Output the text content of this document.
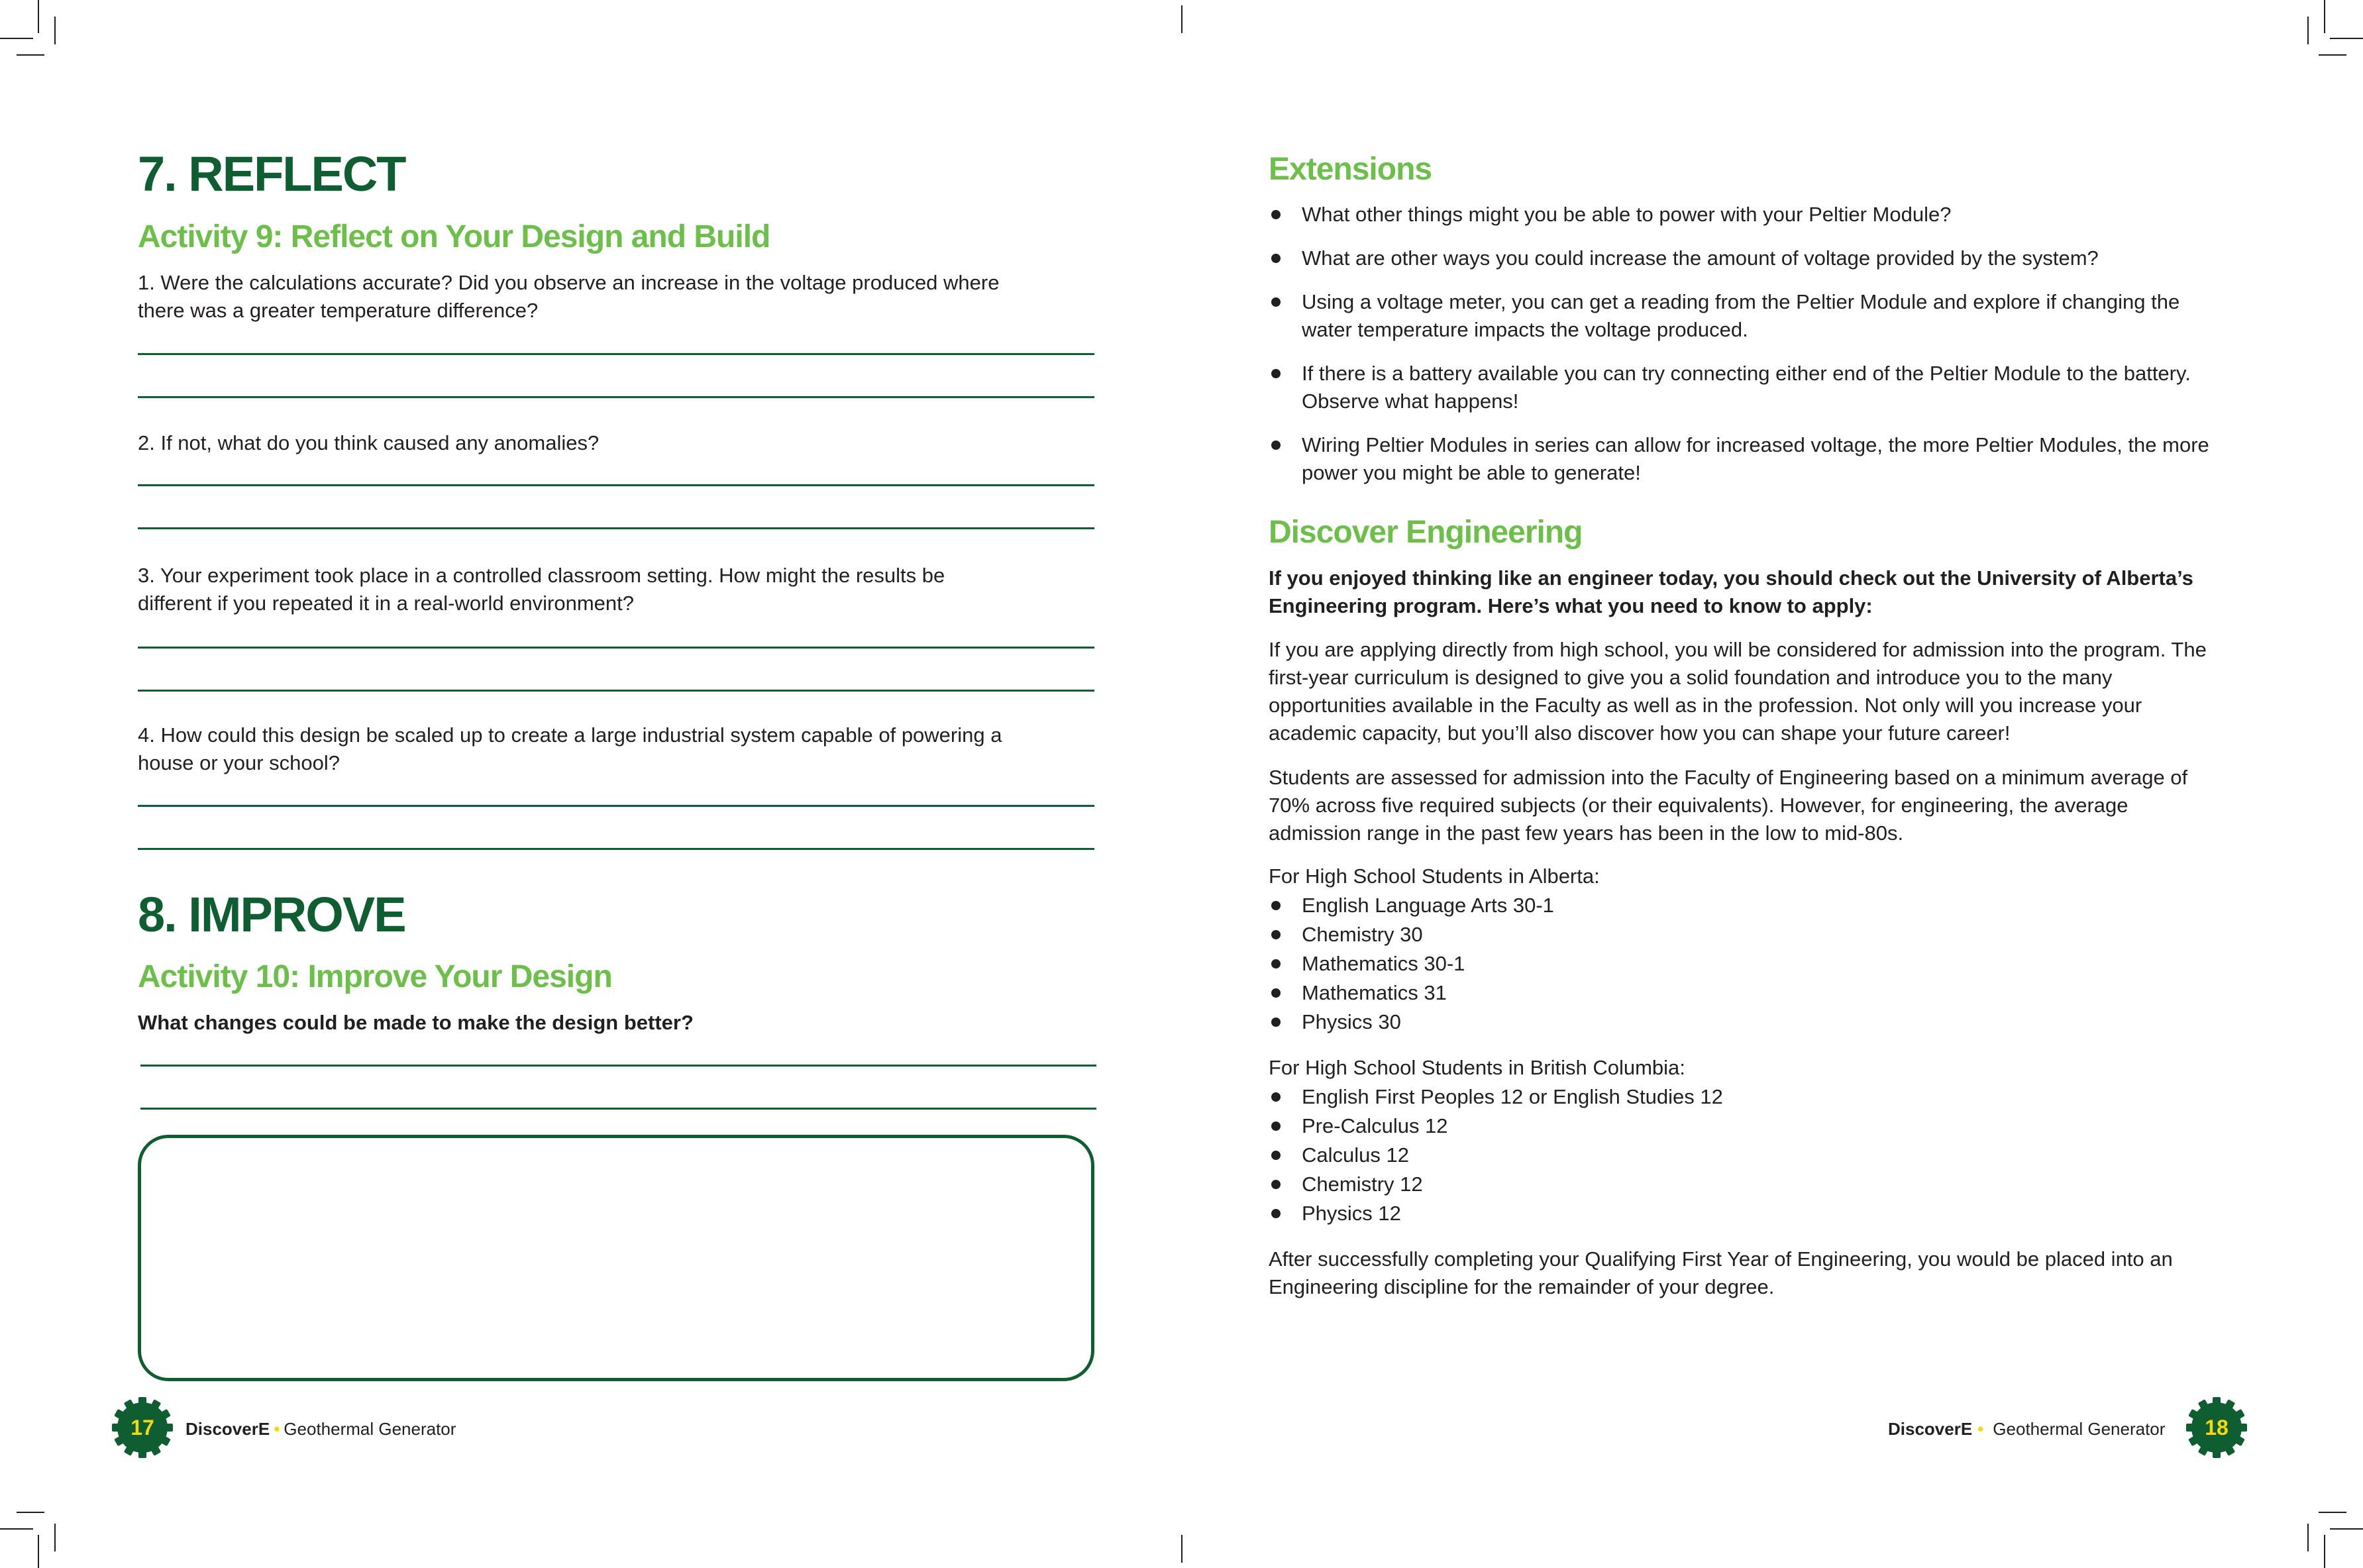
7. REFLECT
Activity 9: Reflect on Your Design and Build
1. Were the calculations accurate? Did you observe an increase in the voltage produced where
there was a greater temperature difference?
2. If not, what do you think caused any anomalies?
3. Your experiment took place in a controlled classroom setting. How might the results be
different if you repeated it in a real-world environment?
4. How could this design be scaled up to create a large industrial system capable of powering a
house or your school?
8. IMPROVE
Activity 10: Improve Your Design
What changes could be made to make the design better?
17	DiscoverE • Geothermal Generator
Extensions
What other things might you be able to power with your Peltier Module?
What are other ways you could increase the amount of voltage provided by the system?
Using a voltage meter, you can get a reading from the Peltier Module and explore if changing the water temperature impacts the voltage produced.
If there is a battery available you can try connecting either end of the Peltier Module to the battery. Observe what happens!
Wiring Peltier Modules in series can allow for increased voltage, the more Peltier Modules, the more power you might be able to generate!
Discover Engineering
If you enjoyed thinking like an engineer today, you should check out the University of Alberta’s Engineering program. Here’s what you need to know to apply:
If you are applying directly from high school, you will be considered for admission into the program. The first-year curriculum is designed to give you a solid foundation and introduce you to the many opportunities available in the Faculty as well as in the profession. Not only will you increase your academic capacity, but you’ll also discover how you can shape your future career!
Students are assessed for admission into the Faculty of Engineering based on a minimum average of 70% across five required subjects (or their equivalents). However, for engineering, the average admission range in the past few years has been in the low to mid-80s.
For High School Students in Alberta:
English Language Arts 30-1
Chemistry 30
Mathematics 30-1
Mathematics 31
Physics 30
For High School Students in British Columbia:
English First Peoples 12 or English Studies 12
Pre-Calculus 12
Calculus 12
Chemistry 12
Physics 12
After successfully completing your Qualifying First Year of Engineering, you would be placed into an Engineering discipline for the remainder of your degree.
DiscoverE • Geothermal Generator	18
